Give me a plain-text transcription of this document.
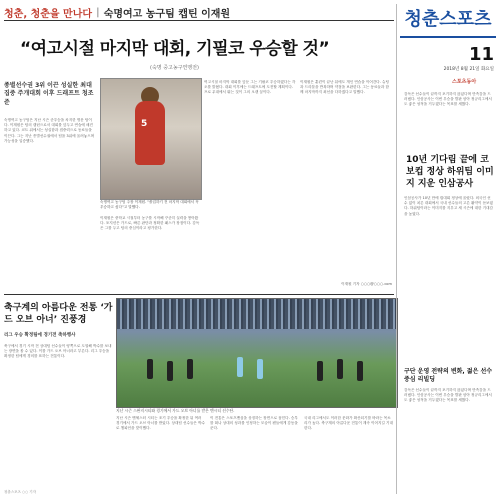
청춘, 청춘을 만나다 | 숙명여고 농구팀 캡틴 이재원
“여고시절 마지막 대회, 기필코 우승할 것”
(숙명 중고농구연맹전)
종별선수권 3위 이끈 성실한 최대집중 주개대회 이후 드래프트 청조준
숙명여고 농구팀은 지난 시즌 준우승을 차지한 명문 팀이다. 이재원은 팀의 캡틴으로서 대회를 앞두고 연습에 매진하고 있다. 코트 위에서는 성실함과 집중력으로 동료들을 이끈다. 그는 지난 종별선수권에서 팀을 3위에 올려놓으며 가능성을 입증했다.
5
숙명여고 농구팀 주장 이재원. "졸업하기 전 마지막 대회에서 꼭 우승하고 싶다"고 말했다.
이재원은 중학교 시절부터 농구를 시작해 꾸준히 실력을 쌓아왔다. 포지션은 가드로, 빠른 판단과 정확한 패스가 장점이다. 감독은 그를 두고 팀의 중심이라고 평가한다.
여고시절 마지막 대회를 앞둔 그는 기필코 우승하겠다는 각오를 밝혔다. 대회 이후에는 드래프트에 도전할 계획이다. 프로 무대에서 뛰는 것이 그의 오랜 꿈이다.
이재원은 훈련이 끝난 뒤에도 개인 연습을 이어간다. 슈팅과 드리블을 반복하며 약점을 보완한다. 그는 동료들과 함께 마지막까지 최선을 다하겠다고 말했다.
이재원 기자 ○○○@○○○.com
축구계의 아름다운 전통 ‘가드 오브 아너’ 진풍경
리그 우승 확정팀에 경기전 축하행사
축구에서 경기 시작 전 상대팀 선수들이 양쪽으로 도열해 박수를 보내는 장면을 볼 수 있다. 이를 가드 오브 아너라고 부른다. 리그 우승을 확정한 팀에게 경의를 표하는 전통이다.
지난 시즌 스완지시티와 경기에서 가드 오브 아너를 받은 맨시티 선수단.
지난 시즌 맨체스터 시티는 조기 우승을 확정한 뒤 여러 경기에서 가드 오브 아너를 받았다. 상대팀 선수들은 박수로 챔피언을 맞이했다.
이 전통은 스포츠맨십을 상징하는 장면으로 꼽힌다. 승부를 떠나 상대의 성과를 인정하는 모습이 팬들에게 감동을 준다.
국내 리그에서도 이러한 문화가 확산되기를 바라는 목소리가 높다. 축구계의 아름다운 전통이 계속 이어지길 기대한다.
청춘스포츠 ○○ 기자
청춘스포츠
11
2018년 8월 21일 화요일
스포츠동아
감독은 선수들이 끝까지 포기하지 않았다며 만족감을 드러냈다. 인삼공사는 이번 우승을 발판 삼아 정규리그에서도 좋은 성적을 거두겠다는 목표를 세웠다.
10년 기다림 끝에 코보컵 정상 하위팀 이미지 지운 인삼공사
인삼공사가 10년 만에 컵대회 정상에 올랐다. 외국인 선수 없이 치른 대회에서 국내 선수들의 고른 활약이 돋보였다. 하위팀이라는 이미지를 지우고 새 시즌에 대한 기대감을 높였다.
구단 운영 전략의 변화, 젊은 선수 중심 리빌딩
감독은 선수들이 끝까지 포기하지 않았다며 만족감을 드러냈다. 인삼공사는 이번 우승을 발판 삼아 정규리그에서도 좋은 성적을 거두겠다는 목표를 세웠다.
